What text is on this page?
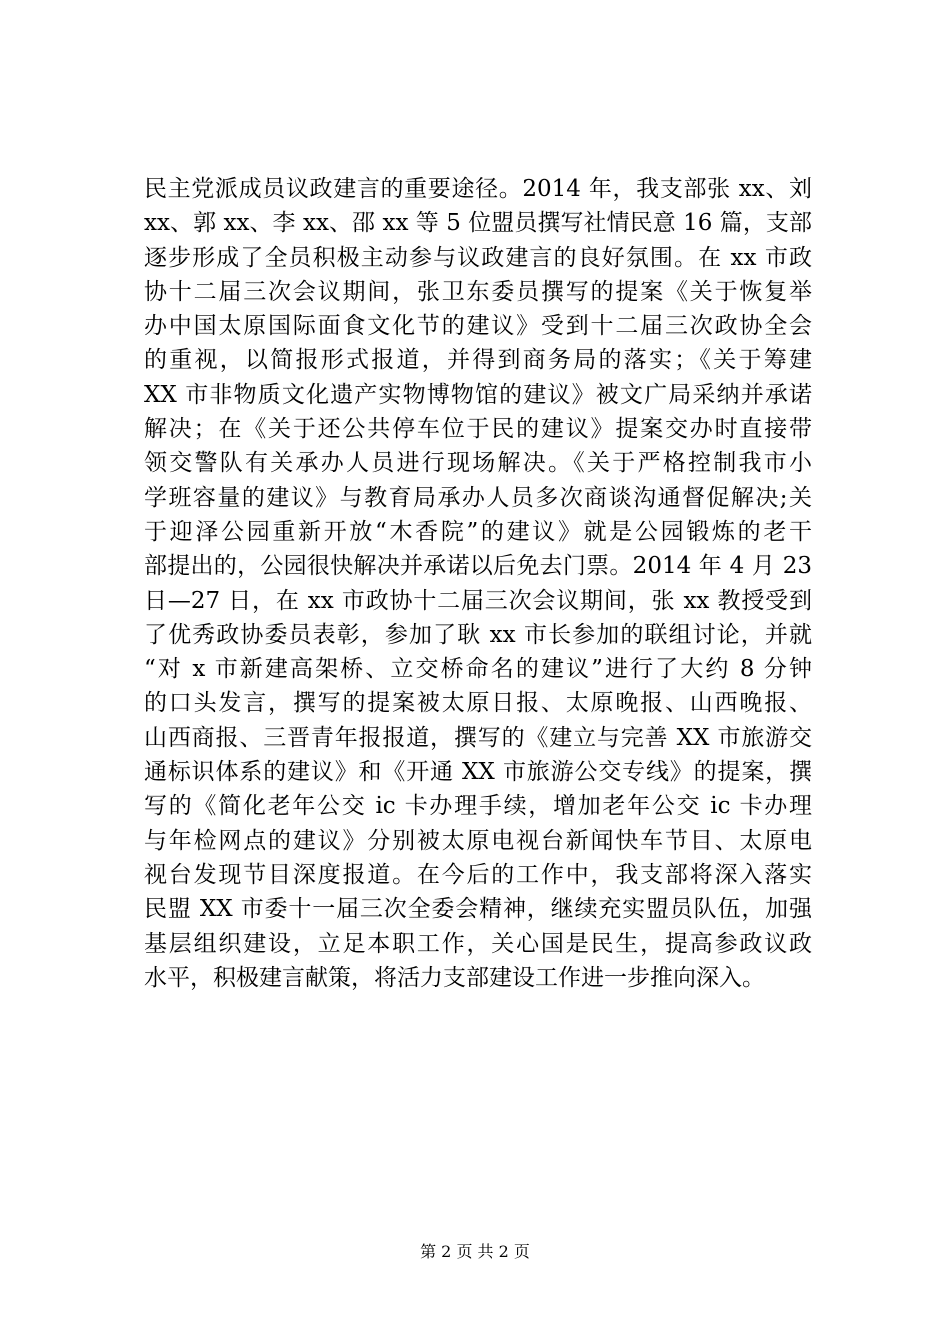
民主党派成员议政建言的重要途径。2014 年，我支部张 xx、刘
xx、郭 xx、李 xx、邵 xx 等 5 位盟员撰写社情民意 16 篇，支部
逐步形成了全员积极主动参与议政建言的良好氛围。在 xx 市政
协十二届三次会议期间，张卫东委员撰写的提案《关于恢复举
办中国太原国际面食文化节的建议》受到十二届三次政协全会
的重视，以简报形式报道，并得到商务局的落实；《关于筹建
XX 市非物质文化遗产实物博物馆的建议》被文广局采纳并承诺
解决；在《关于还公共停车位于民的建议》提案交办时直接带
领交警队有关承办人员进行现场解决。《关于严格控制我市小
学班容量的建议》与教育局承办人员多次商谈沟通督促解决;关
于迎泽公园重新开放“木香院”的建议》就是公园锻炼的老干
部提出的，公园很快解决并承诺以后免去门票。2014 年 4 月 23
日—27 日，在 xx 市政协十二届三次会议期间，张 xx 教授受到
了优秀政协委员表彰，参加了耿 xx 市长参加的联组讨论，并就
“对 x 市新建高架桥、立交桥命名的建议”进行了大约 8 分钟
的口头发言，撰写的提案被太原日报、太原晚报、山西晚报、
山西商报、三晋青年报报道，撰写的《建立与完善 XX 市旅游交
通标识体系的建议》和《开通 XX 市旅游公交专线》的提案，撰
写的《简化老年公交 ic 卡办理手续，增加老年公交 ic 卡办理
与年检网点的建议》分别被太原电视台新闻快车节目、太原电
视台发现节目深度报道。在今后的工作中，我支部将深入落实
民盟 XX 市委十一届三次全委会精神，继续充实盟员队伍，加强
基层组织建设，立足本职工作，关心国是民生，提高参政议政
水平，积极建言献策，将活力支部建设工作进一步推向深入。
第 2 页 共 2 页
